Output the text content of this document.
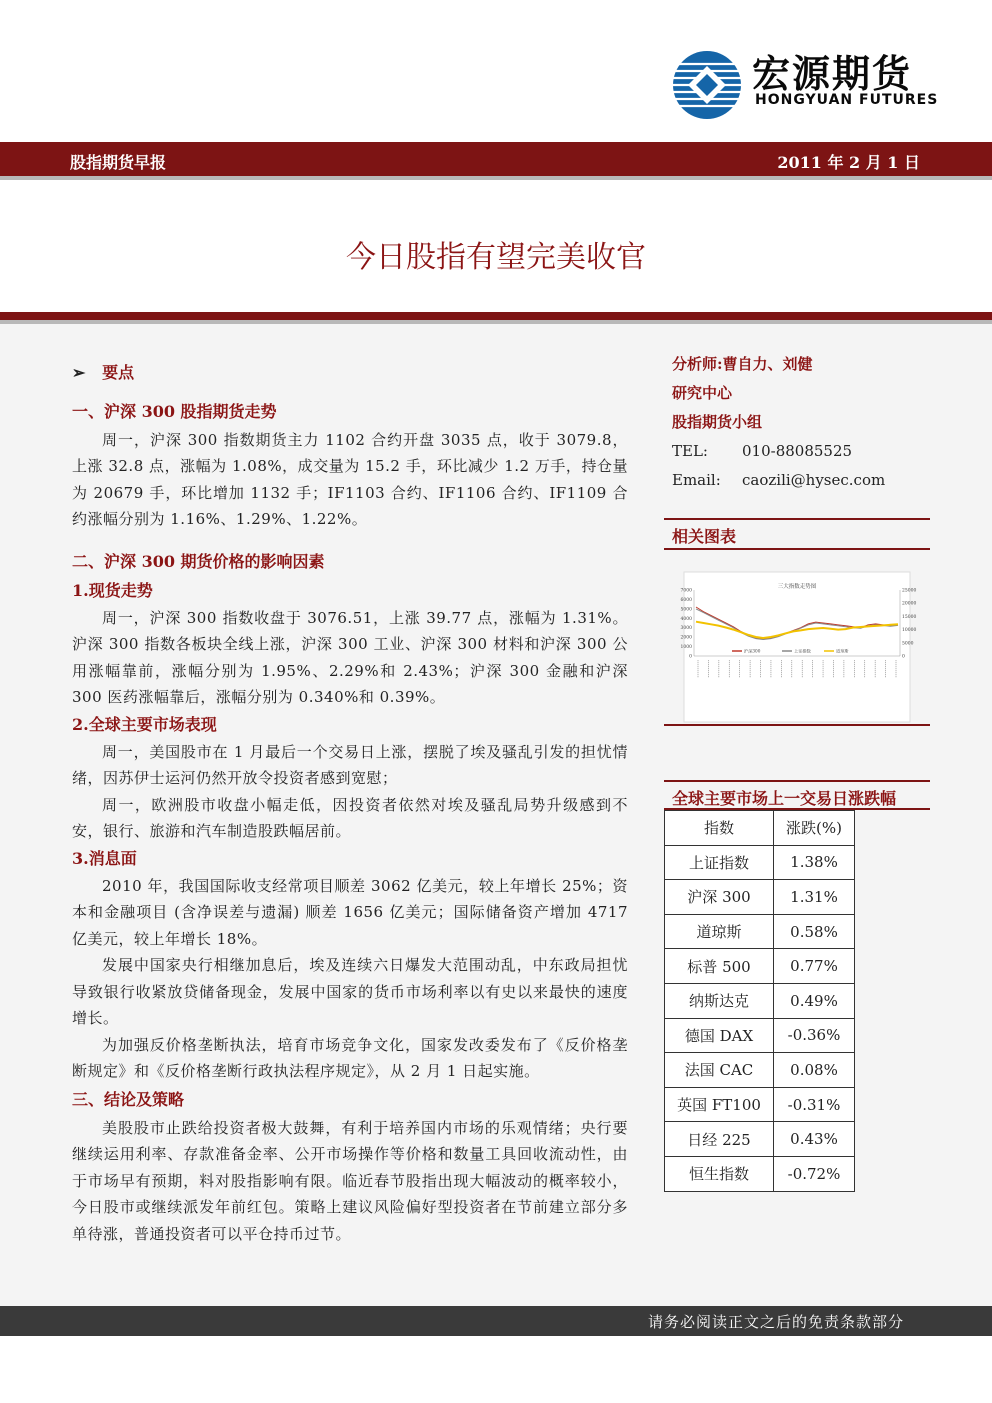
宏源期货
HONGYUAN FUTURES
股指期货早报	2011 年 2 月 1 日
今日股指有望完美收官
➢ 要点
一、沪深 300 股指期货走势

周一，沪深 300 指数期货主力 1102 合约开盘 3035 点，收于 3079.8，上涨 32.8 点，涨幅为 1.08%，成交量为 15.2 手，环比减少 1.2 万手，持仓量为 20679 手，环比增加 1132 手；IF1103 合约、IF1106 合约、IF1109 合约涨幅分别为 1.16%、1.29%、1.22%。

二、沪深 300 期货价格的影响因素
1.现货走势

周一，沪深 300 指数收盘于 3076.51，上涨 39.77 点，涨幅为 1.31%。沪深 300 指数各板块全线上涨，沪深 300 工业、沪深 300 材料和沪深 300 公用涨幅靠前，涨幅分别为 1.95%、2.29%和 2.43%；沪深 300 金融和沪深 300 医药涨幅靠后，涨幅分别为 0.340%和 0.39%。

2.全球主要市场表现

周一，美国股市在 1 月最后一个交易日上涨，摆脱了埃及骚乱引发的担忧情绪，因苏伊士运河仍然开放令投资者感到宽慰；

周一，欧洲股市收盘小幅走低，因投资者依然对埃及骚乱局势升级感到不安，银行、旅游和汽车制造股跌幅居前。

3.消息面

2010 年，我国国际收支经常项目顺差 3062 亿美元，较上年增长 25%；资本和金融项目 (含净误差与遗漏) 顺差 1656 亿美元；国际储备资产增加 4717 亿美元，较上年增长 18%。

发展中国家央行相继加息后，埃及连续六日爆发大范围动乱，中东政局担忧导致银行收紧放贷储备现金，发展中国家的货币市场利率以有史以来最快的速度增长。

为加强反价格垄断执法，培育市场竞争文化，国家发改委发布了《反价格垄断规定》和《反价格垄断行政执法程序规定》，从 2 月 1 日起实施。

三、结论及策略

美股股市止跌给投资者极大鼓舞，有利于培养国内市场的乐观情绪；央行要继续运用利率、存款准备金率、公开市场操作等价格和数量工具回收流动性，由于市场早有预期，料对股指影响有限。临近春节股指出现大幅波动的概率较小，今日股市或继续派发年前红包。策略上建议风险偏好型投资者在节前建立部分多单待涨，普通投资者可以平仓持币过节。

分析师:曹自力、刘健
研究中心
股指期货小组
TEL: 010-88085525
Email: caozili@hysec.com
相关图表
三大指数走势图
0
1000
2000
3000
4000
5000
6000
7000
0
5000
10000
15000
20000
25000
沪深300	上证指数	道琼斯
全球主要市场上一交易日涨跌幅
指数	涨跌(%)
上证指数	1.38%
沪深 300	1.31%
道琼斯	0.58%
标普 500	0.77%
纳斯达克	0.49%
德国 DAX	-0.36%
法国 CAC	0.08%
英国 FT100	-0.31%
日经 225	0.43%
恒生指数	-0.72%
请务必阅读正文之后的免责条款部分
